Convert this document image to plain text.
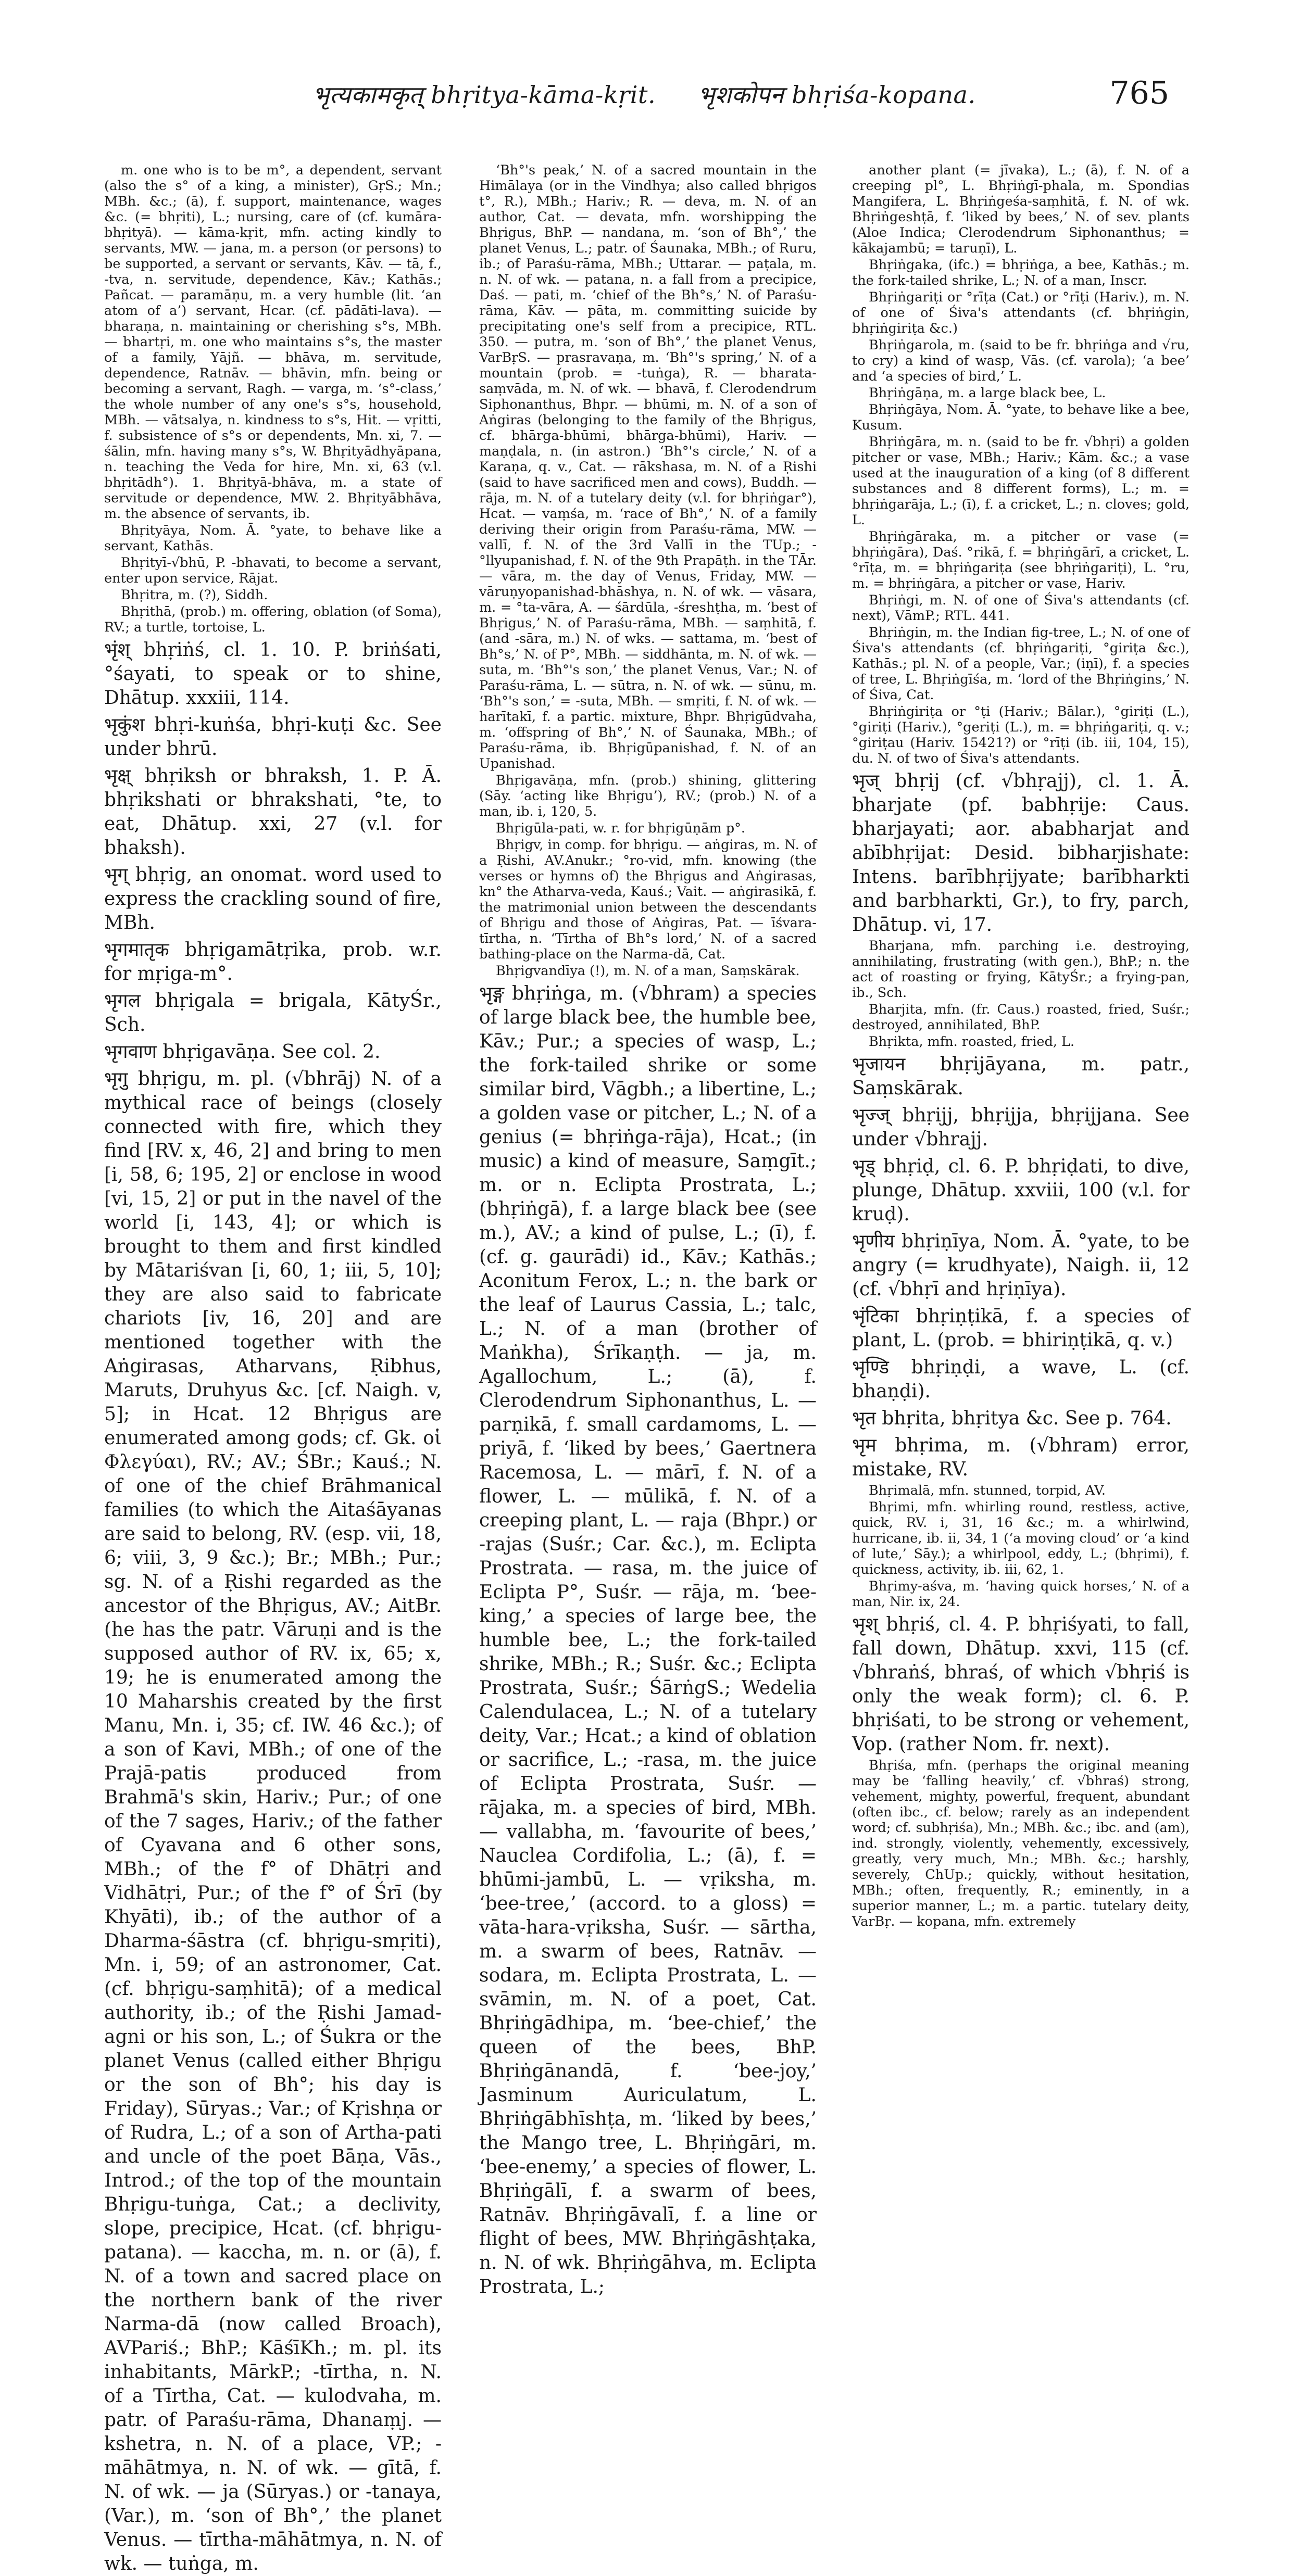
भृत्यकामकृत् bhṛitya-kāma-kṛit. भृशकोपन bhṛiśa-kopana.	765
m. one who is to be m°, a dependent, servant (also the s° of a king, a minister), GṛS.; Mn.; MBh. &c.; (ā), f. support, maintenance, wages &c. (= bhṛiti), L.; nursing, care of (cf. kumāra-bhṛityā). — kāma-kṛit, mfn. acting kindly to servants, MW. — jana, m. a person (or persons) to be supported, a servant or servants, Kāv. — tā, f., -tva, n. servitude, dependence, Kāv.; Kathās.; Pañcat. — paramāṇu, m. a very humble (lit. ‘an atom of a’) servant, Hcar. (cf. pādāti-lava). — bharaṇa, n. maintaining or cherishing s°s, MBh. — bhartṛi, m. one who maintains s°s, the master of a family, Yājñ. — bhāva, m. servitude, dependence, Ratnāv. — bhāvin, mfn. being or becoming a servant, Ragh. — varga, m. ‘s°-class,’ the whole number of any one's s°s, household, MBh. — vātsalya, n. kindness to s°s, Hit. — vṛitti, f. subsistence of s°s or dependents, Mn. xi, 7. — śālin, mfn. having many s°s, W. Bhṛityādhyāpana, n. teaching the Veda for hire, Mn. xi, 63 (v.l. bhṛitādh°). 1. Bhṛityā-bhāva, m. a state of servitude or dependence, MW. 2. Bhṛityābhāva, m. the absence of servants, ib.
Bhṛityāya, Nom. Ā. °yate, to behave like a servant, Kathās.
Bhṛityī-√bhū, P. -bhavati, to become a servant, enter upon service, Rājat.
Bhṛitra, m. (?), Siddh.
Bhṛithā, (prob.) m. offering, oblation (of Soma), RV.; a turtle, tortoise, L.
भृंश् bhṛiṅś, cl. 1. 10. P. briṅśati, °śayati, to speak or to shine, Dhātup. xxxiii, 114.
भृकुंश bhṛi-kuṅśa, bhṛi-kuṭi &c. See under bhrū.
भृक्ष् bhṛiksh or bhraksh, 1. P. Ā. bhṛikshati or bhrakshati, °te, to eat, Dhātup. xxi, 27 (v.l. for bhaksh).
भृग् bhṛig, an onomat. word used to express the crackling sound of fire, MBh.
भृगमातृक bhṛigamātṛika, prob. w.r. for mṛiga-m°.
भृगल bhṛigala = brigala, KātyŚr., Sch.
भृगवाण bhṛigavāṇa. See col. 2.
भृगु bhṛigu, m. pl. (√bhrāj) N. of a mythical race of beings (closely connected with fire, which they find [RV. x, 46, 2] and bring to men [i, 58, 6; 195, 2] or enclose in wood [vi, 15, 2] or put in the navel of the world [i, 143, 4]; or which is brought to them and first kindled by Mātariśvan [i, 60, 1; iii, 5, 10]; they are also said to fabricate chariots [iv, 16, 20] and are mentioned together with the Aṅgirasas, Atharvans, Ṛibhus, Maruts, Druhyus &c. [cf. Naigh. v, 5]; in Hcat. 12 Bhṛigus are enumerated among gods; cf. Gk. οἱ Φλεγύαι), RV.; AV.; ŚBr.; Kauś.; N. of one of the chief Brāhmanical families (to which the Aitaśāyanas are said to belong, RV. (esp. vii, 18, 6; viii, 3, 9 &c.); Br.; MBh.; Pur.; sg. N. of a Ṛishi regarded as the ancestor of the Bhṛigus, AV.; AitBr. (he has the patr. Vāruṇi and is the supposed author of RV. ix, 65; x, 19; he is enumerated among the 10 Maharshis created by the first Manu, Mn. i, 35; cf. IW. 46 &c.); of a son of Kavi, MBh.; of one of the Prajā-patis produced from Brahmā's skin, Hariv.; Pur.; of one of the 7 sages, Hariv.; of the father of Cyavana and 6 other sons, MBh.; of the f° of Dhātṛi and Vidhātṛi, Pur.; of the f° of Śrī (by Khyāti), ib.; of the author of a Dharma-śāstra (cf. bhṛigu-smṛiti), Mn. i, 59; of an astronomer, Cat. (cf. bhṛigu-saṃhitā); of a medical authority, ib.; of the Ṛishi Jamad-agni or his son, L.; of Śukra or the planet Venus (called either Bhṛigu or the son of Bh°; his day is Friday), Sūryas.; Var.; of Kṛishṇa or of Rudra, L.; of a son of Artha-pati and uncle of the poet Bāṇa, Vās., Introd.; of the top of the mountain Bhṛigu-tuṅga, Cat.; a declivity, slope, precipice, Hcat. (cf. bhṛigu-patana). — kaccha, m. n. or (ā), f. N. of a town and sacred place on the northern bank of the river Narma-dā (now called Broach), AVPariś.; BhP.; KāśīKh.; m. pl. its inhabitants, MārkP.; -tīrtha, n. N. of a Tīrtha, Cat. — kulodvaha, m. patr. of Paraśu-rāma, Dhanaṃj. — kshetra, n. N. of a place, VP.; -māhātmya, n. N. of wk. — gītā, f. N. of wk. — ja (Sūryas.) or -tanaya, (Var.), m. ‘son of Bh°,’ the planet Venus. — tīrtha-māhātmya, n. N. of wk. — tuṅga, m.
‘Bh°'s peak,’ N. of a sacred mountain in the Himālaya (or in the Vindhya; also called bhṛigos t°, R.), MBh.; Hariv.; R. — deva, m. N. of an author, Cat. — devata, mfn. worshipping the Bhṛigus, BhP. — nandana, m. ‘son of Bh°,’ the planet Venus, L.; patr. of Śaunaka, MBh.; of Ruru, ib.; of Paraśu-rāma, MBh.; Uttarar. — paṭala, m. n. N. of wk. — patana, n. a fall from a precipice, Daś. — pati, m. ‘chief of the Bh°s,’ N. of Paraśu-rāma, Kāv. — pāta, m. committing suicide by precipitating one's self from a precipice, RTL. 350. — putra, m. ‘son of Bh°,’ the planet Venus, VarBṛS. — prasravaṇa, m. ‘Bh°'s spring,’ N. of a mountain (prob. = -tuṅga), R. — bharata-saṃvāda, m. N. of wk. — bhavā, f. Clerodendrum Siphonanthus, Bhpr. — bhūmi, m. N. of a son of Aṅgiras (belonging to the family of the Bhṛigus, cf. bhārga-bhūmi, bhārga-bhūmi), Hariv. — maṇḍala, n. (in astron.) ‘Bh°'s circle,’ N. of a Karaṇa, q. v., Cat. — rākshasa, m. N. of a Ṛishi (said to have sacrificed men and cows), Buddh. — rāja, m. N. of a tutelary deity (v.l. for bhṛiṅgar°), Hcat. — vaṃśa, m. ‘race of Bh°,’ N. of a family deriving their origin from Paraśu-rāma, MW. — vallī, f. N. of the 3rd Vallī in the TUp.; -°llyupanishad, f. N. of the 9th Prapāṭh. in the TĀr. — vāra, m. the day of Venus, Friday, MW. — vāruṇyopanishad-bhāshya, n. N. of wk. — vāsara, m. = °ta-vāra, A. — śārdūla, -śreshṭha, m. ‘best of Bhṛigus,’ N. of Paraśu-rāma, MBh. — saṃhitā, f. (and -sāra, m.) N. of wks. — sattama, m. ‘best of Bh°s,’ N. of P°, MBh. — siddhānta, m. N. of wk. — suta, m. ‘Bh°'s son,’ the planet Venus, Var.; N. of Paraśu-rāma, L. — sūtra, n. N. of wk. — sūnu, m. ‘Bh°'s son,’ = -suta, MBh. — smṛiti, f. N. of wk. — harītakī, f. a partic. mixture, Bhpr. Bhṛigūdvaha, m. ‘offspring of Bh°,’ N. of Śaunaka, MBh.; of Paraśu-rāma, ib. Bhṛigūpanishad, f. N. of an Upanishad.
Bhṛigavāṇa, mfn. (prob.) shining, glittering (Sāy. ‘acting like Bhṛigu’), RV.; (prob.) N. of a man, ib. i, 120, 5.
Bhṛigūla-pati, w. r. for bhṛigūṇām p°.
Bhṛigv, in comp. for bhṛigu. — aṅgiras, m. N. of a Ṛishi, AV.Anukr.; °ro-vid, mfn. knowing (the verses or hymns of) the Bhṛigus and Aṅgirasas, kn° the Atharva-veda, Kauś.; Vait. — aṅgirasikā, f. the matrimonial union between the descendants of Bhṛigu and those of Aṅgiras, Pat. — īśvara-tīrtha, n. ‘Tīrtha of Bh°s lord,’ N. of a sacred bathing-place on the Narma-dā, Cat.
Bhṛigvandīya (!), m. N. of a man, Saṃskārak.
भृङ्ग bhṛiṅga, m. (√bhram) a species of large black bee, the humble bee, Kāv.; Pur.; a species of wasp, L.; the fork-tailed shrike or some similar bird, Vāgbh.; a libertine, L.; a golden vase or pitcher, L.; N. of a genius (= bhṛiṅga-rāja), Hcat.; (in music) a kind of measure, Saṃgīt.; m. or n. Eclipta Prostrata, L.; (bhṛiṅgā), f. a large black bee (see m.), AV.; a kind of pulse, L.; (ī), f. (cf. g. gaurādi) id., Kāv.; Kathās.; Aconitum Ferox, L.; n. the bark or the leaf of Laurus Cassia, L.; talc, L.; N. of a man (brother of Maṅkha), Śrīkaṇṭh. — ja, m. Agallochum, L.; (ā), f. Clerodendrum Siphonanthus, L. — parṇikā, f. small cardamoms, L. — priyā, f. ‘liked by bees,’ Gaertnera Racemosa, L. — mārī, f. N. of a flower, L. — mūlikā, f. N. of a creeping plant, L. — raja (Bhpr.) or -rajas (Suśr.; Car. &c.), m. Eclipta Prostrata. — rasa, m. the juice of Eclipta P°, Suśr. — rāja, m. ‘bee-king,’ a species of large bee, the humble bee, L.; the fork-tailed shrike, MBh.; R.; Suśr. &c.; Eclipta Prostrata, Suśr.; ŚārṅgS.; Wedelia Calendulacea, L.; N. of a tutelary deity, Var.; Hcat.; a kind of oblation or sacrifice, L.; -rasa, m. the juice of Eclipta Prostrata, Suśr. — rājaka, m. a species of bird, MBh. — vallabha, m. ‘favourite of bees,’ Nauclea Cordifolia, L.; (ā), f. = bhūmi-jambū, L. — vṛiksha, m. ‘bee-tree,’ (accord. to a gloss) = vāta-hara-vṛiksha, Suśr. — sārtha, m. a swarm of bees, Ratnāv. — sodara, m. Eclipta Prostrata, L. — svāmin, m. N. of a poet, Cat. Bhṛiṅgādhipa, m. ‘bee-chief,’ the queen of the bees, BhP. Bhṛiṅgānandā, f. ‘bee-joy,’ Jasminum Auriculatum, L. Bhṛiṅgābhīshṭa, m. ‘liked by bees,’ the Mango tree, L. Bhṛiṅgāri, m. ‘bee-enemy,’ a species of flower, L. Bhṛiṅgālī, f. a swarm of bees, Ratnāv. Bhṛiṅgāvalī, f. a line or flight of bees, MW. Bhṛiṅgāshṭaka, n. N. of wk. Bhṛiṅgāhva, m. Eclipta Prostrata, L.;
another plant (= jīvaka), L.; (ā), f. N. of a creeping pl°, L. Bhṛiṅgī-phala, m. Spondias Mangifera, L. Bhṛiṅgeśa-saṃhitā, f. N. of wk. Bhṛiṅgeshṭā, f. ‘liked by bees,’ N. of sev. plants (Aloe Indica; Clerodendrum Siphonanthus; = kākajambū; = taruṇī), L.
Bhṛiṅgaka, (ifc.) = bhṛiṅga, a bee, Kathās.; m. the fork-tailed shrike, L.; N. of a man, Inscr.
Bhṛiṅgariṭi or °rīṭa (Cat.) or °rīṭi (Hariv.), m. N. of one of Śiva's attendants (cf. bhṛiṅgin, bhṛiṅgiriṭa &c.)
Bhṛiṅgarola, m. (said to be fr. bhṛiṅga and √ru, to cry) a kind of wasp, Vās. (cf. varola); ‘a bee’ and ‘a species of bird,’ L.
Bhṛiṅgāṇa, m. a large black bee, L.
Bhṛiṅgāya, Nom. Ā. °yate, to behave like a bee, Kusum.
Bhṛiṅgāra, m. n. (said to be fr. √bhṛi) a golden pitcher or vase, MBh.; Hariv.; Kām. &c.; a vase used at the inauguration of a king (of 8 different substances and 8 different forms), L.; m. = bhṛiṅgarāja, L.; (ī), f. a cricket, L.; n. cloves; gold, L.
Bhṛiṅgāraka, m. a pitcher or vase (= bhṛiṅgāra), Daś. °rikā, f. = bhṛiṅgārī, a cricket, L. °rīṭa, m. = bhṛiṅgariṭa (see bhṛiṅgariṭi), L. °ru, m. = bhṛiṅgāra, a pitcher or vase, Hariv.
Bhṛiṅgi, m. N. of one of Śiva's attendants (cf. next), VāmP.; RTL. 441.
Bhṛiṅgin, m. the Indian fig-tree, L.; N. of one of Śiva's attendants (cf. bhṛiṅgariṭi, °giriṭa &c.), Kathās.; pl. N. of a people, Var.; (iṇī), f. a species of tree, L. Bhṛiṅgīśa, m. ‘lord of the Bhṛiṅgins,’ N. of Śiva, Cat.
Bhṛiṅgiriṭa or °ṭi (Hariv.; Bālar.), °giriṭi (L.), °giriṭi (Hariv.), °geriṭi (L.), m. = bhṛiṅgariṭi, q. v.; °giriṭau (Hariv. 15421?) or °rīṭi (ib. iii, 104, 15), du. N. of two of Śiva's attendants.
भृज् bhṛij (cf. √bhṛajj), cl. 1. Ā. bharjate (pf. babhṛije: Caus. bharjayati; aor. ababharjat and abībhṛijat: Desid. bibharjishate: Intens. barībhṛijyate; barībharkti and barbharkti, Gr.), to fry, parch, Dhātup. vi, 17.
Bharjana, mfn. parching i.e. destroying, annihilating, frustrating (with gen.), BhP.; n. the act of roasting or frying, KātyŚr.; a frying-pan, ib., Sch.
Bharjita, mfn. (fr. Caus.) roasted, fried, Suśr.; destroyed, annihilated, BhP.
Bhṛikta, mfn. roasted, fried, L.
भृजायन bhṛijāyana, m. patr., Saṃskārak.
भृज्ज् bhṛijj, bhṛijja, bhṛijjana. See under √bhrajj.
भृड् bhṛiḍ, cl. 6. P. bhṛiḍati, to dive, plunge, Dhātup. xxviii, 100 (v.l. for kruḍ).
भृणीय bhṛiṇīya, Nom. Ā. °yate, to be angry (= krudhyate), Naigh. ii, 12 (cf. √bhṛī and hṛiṇīya).
भृंटिका bhṛiṇṭikā, f. a species of plant, L. (prob. = bhiriṇṭikā, q. v.)
भृण्डि bhṛiṇḍi, a wave, L. (cf. bhaṇḍi).
भृत bhṛita, bhṛitya &c. See p. 764.
भृम bhṛima, m. (√bhram) error, mistake, RV.
Bhṛimalā, mfn. stunned, torpid, AV.
Bhṛimi, mfn. whirling round, restless, active, quick, RV. i, 31, 16 &c.; m. a whirlwind, hurricane, ib. ii, 34, 1 (‘a moving cloud’ or ‘a kind of lute,’ Sāy.); a whirlpool, eddy, L.; (bhṛimi), f. quickness, activity, ib. iii, 62, 1.
Bhṛimy-aśva, m. ‘having quick horses,’ N. of a man, Nir. ix, 24.
भृश् bhṛiś, cl. 4. P. bhṛiśyati, to fall, fall down, Dhātup. xxvi, 115 (cf. √bhraṅś, bhraś, of which √bhṛiś is only the weak form); cl. 6. P. bhṛiśati, to be strong or vehement, Vop. (rather Nom. fr. next).
Bhṛiśa, mfn. (perhaps the original meaning may be ‘falling heavily,’ cf. √bhraś) strong, vehement, mighty, powerful, frequent, abundant (often ibc., cf. below; rarely as an independent word; cf. subhṛiśa), Mn.; MBh. &c.; ibc. and (am), ind. strongly, violently, vehemently, excessively, greatly, very much, Mn.; MBh. &c.; harshly, severely, ChUp.; quickly, without hesitation, MBh.; often, frequently, R.; eminently, in a superior manner, L.; m. a partic. tutelary deity, VarBṛ. — kopana, mfn. extremely
